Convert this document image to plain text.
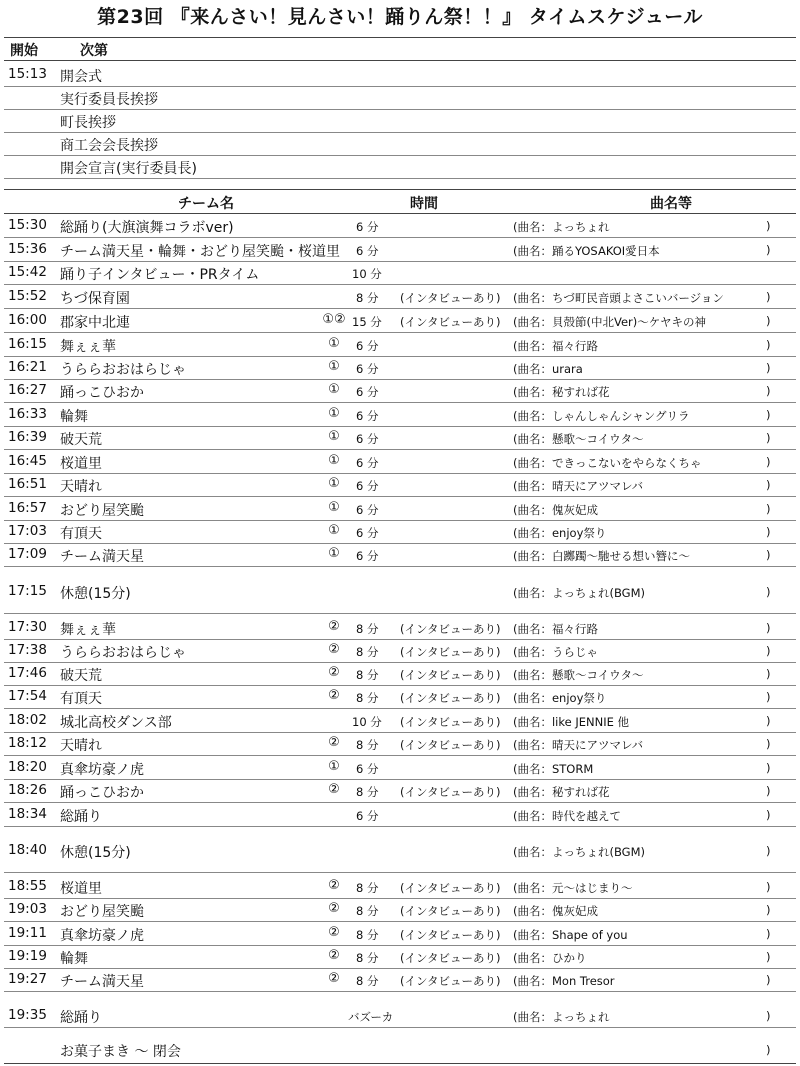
第23回 『来んさい！見んさい！踊りん祭！！』 タイムスケジュール
開始	次第
15:13 開会式
実行委員長挨拶
町長挨拶
商工会会長挨拶
開会宣言(実行委員長)
チーム名	時間	曲名等
15:30 総踊り(大旗演舞コラボver)	6 分	(曲名：よっちょれ	)
15:36 チーム満天星・輪舞・おどり屋笑颱・桜道里 6 分	(曲名：踊るYOSAKOI愛日本	)
15:42 踊り子インタビュー・PRタイム	10 分
15:52 ちづ保育園	8 分 (インタビューあり) (曲名：ちづ町民音頭よさこいバージョン	)
16:00 郡家中北連	①② 15 分 (インタビューあり) (曲名：貝殻節(中北Ver)～ケヤキの神	)
16:15 舞ぇぇ華	①	6 分	(曲名：福々行路	)
16:21 うららおおはらじゃ	①	6 分	(曲名：urara	)
16:27 踊っこひおか	①	6 分	(曲名：秘すれば花	)
16:33 輪舞	①	6 分	(曲名：しゃんしゃんシャングリラ	)
16:39 破天荒	①	6 分	(曲名：懸歌～コイウタ～	)
16:45 桜道里	①	6 分	(曲名：できっこないをやらなくちゃ	)
16:51 天晴れ	①	6 分	(曲名：晴天にアツマレバ	)
16:57 おどり屋笑颱	①	6 分	(曲名：傀灰妃成	)
17:03 有頂天	①	6 分	(曲名：enjoy祭り	)
17:09 チーム満天星	①	6 分	(曲名：白躑躅～馳せる想い簪に～	)
17:15 休憩(15分)	(曲名：よっちょれ(BGM)	)
17:30 舞ぇぇ華	②	8 分 (インタビューあり) (曲名：福々行路	)
17:38 うららおおはらじゃ	②	8 分 (インタビューあり) (曲名：うらじゃ	)
17:46 破天荒	②	8 分 (インタビューあり) (曲名：懸歌～コイウタ～	)
17:54 有頂天	②	8 分 (インタビューあり) (曲名：enjoy祭り	)
18:02 城北高校ダンス部	10 分 (インタビューあり) (曲名：like JENNIE 他	)
18:12 天晴れ	②	8 分 (インタビューあり) (曲名：晴天にアツマレバ	)
18:20 真傘坊豪ノ虎	①	6 分	(曲名：STORM	)
18:26 踊っこひおか	②	8 分 (インタビューあり) (曲名：秘すれば花	)
18:34 総踊り	6 分	(曲名：時代を越えて	)
18:40 休憩(15分)	(曲名：よっちょれ(BGM)	)
18:55 桜道里	②	8 分 (インタビューあり) (曲名：元～はじまり～	)
19:03 おどり屋笑颱	②	8 分 (インタビューあり) (曲名：傀灰妃成	)
19:11 真傘坊豪ノ虎	②	8 分 (インタビューあり) (曲名：Shape of you	)
19:19 輪舞	②	8 分 (インタビューあり) (曲名：ひかり	)
19:27 チーム満天星	②	8 分 (インタビューあり) (曲名：Mon Tresor	)
19:35 総踊り	バズーカ	(曲名：よっちょれ	)
お菓子まき ～ 閉会	)
